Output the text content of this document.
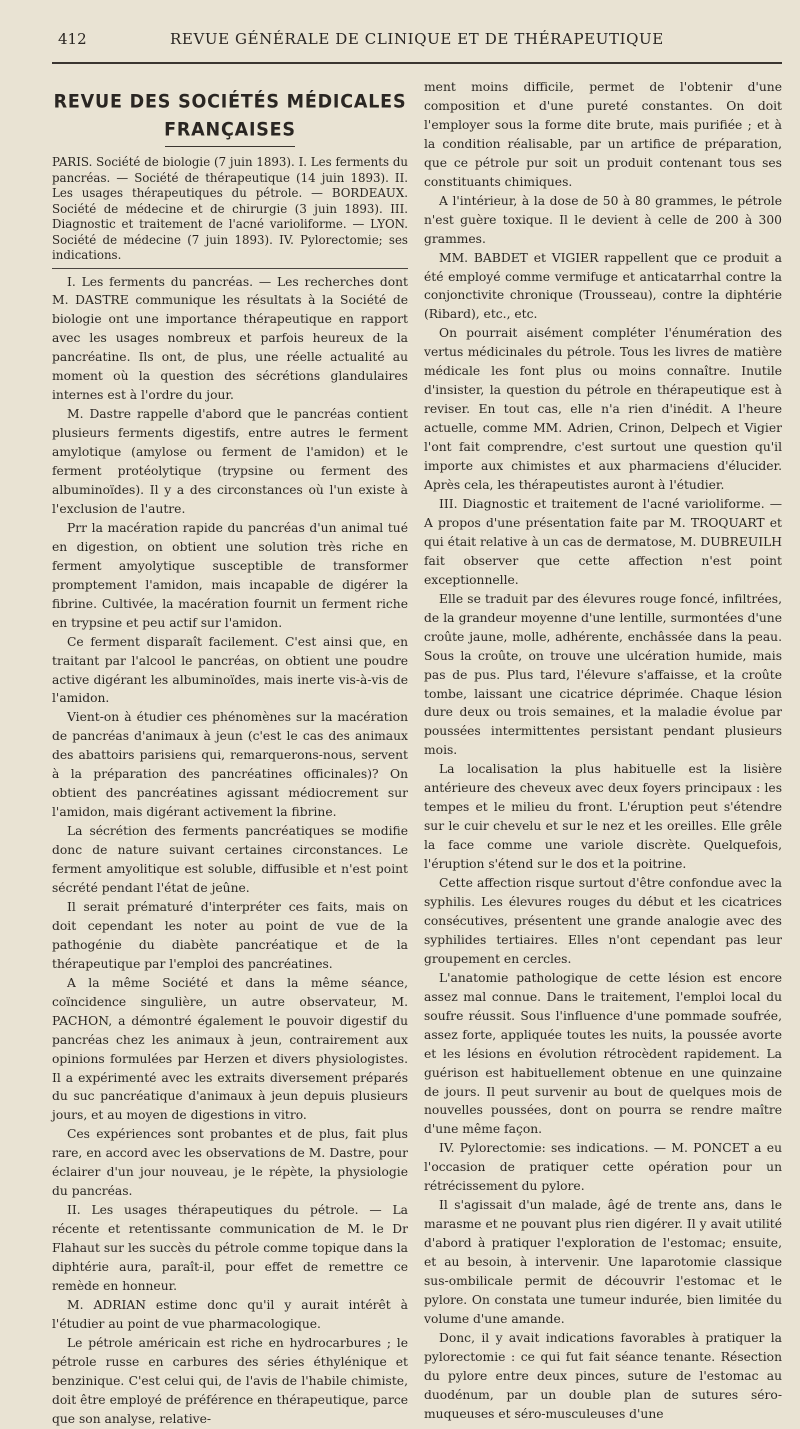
412	REVUE GÉNÉRALE DE CLINIQUE ET DE THÉRAPEUTIQUE
REVUE DES SOCIÉTÉS MÉDICALES FRANÇAISES

PARIS. Société de biologie (7 juin 1893). I. Les ferments du pancréas. — Société de thérapeutique (14 juin 1893). II. Les usages thérapeutiques du pétrole. — BORDEAUX. Société de médecine et de chirurgie (3 juin 1893). III. Diagnostic et traitement de l'acné varioliforme. — LYON. Société de médecine (7 juin 1893). IV. Pylorectomie; ses indications.

I. Les ferments du pancréas. — Les recherches dont M. DASTRE communique les résultats à la Société de biologie ont une importance thérapeutique en rapport avec les usages nombreux et parfois heureux de la pancréatine. Ils ont, de plus, une réelle actualité au moment où la question des sécrétions glandulaires internes est à l'ordre du jour.

M. Dastre rappelle d'abord que le pancréas contient plusieurs ferments digestifs, entre autres le ferment amylotique (amylose ou ferment de l'amidon) et le ferment protéolytique (trypsine ou ferment des albuminoïdes). Il y a des circonstances où l'un existe à l'exclusion de l'autre.

Prr la macération rapide du pancréas d'un animal tué en digestion, on obtient une solution très riche en ferment amyolytique susceptible de transformer promptement l'amidon, mais incapable de digérer la fibrine. Cultivée, la macération fournit un ferment riche en trypsine et peu actif sur l'amidon.

Ce ferment disparaît facilement. C'est ainsi que, en traitant par l'alcool le pancréas, on obtient une poudre active digérant les albuminoïdes, mais inerte vis-à-vis de l'amidon.

Vient-on à étudier ces phénomènes sur la macération de pancréas d'animaux à jeun (c'est le cas des animaux des abattoirs parisiens qui, remarquerons-nous, servent à la préparation des pancréatines officinales)? On obtient des pancréatines agissant médiocrement sur l'amidon, mais digérant activement la fibrine.

La sécrétion des ferments pancréatiques se modifie donc de nature suivant certaines circonstances. Le ferment amyolitique est soluble, diffusible et n'est point sécrété pendant l'état de jeûne.

Il serait prématuré d'interpréter ces faits, mais on doit cependant les noter au point de vue de la pathogénie du diabète pancréatique et de la thérapeutique par l'emploi des pancréatines.

A la même Société et dans la même séance, coïncidence singulière, un autre observateur, M. PACHON, a démontré également le pouvoir digestif du pancréas chez les animaux à jeun, contrairement aux opinions formulées par Herzen et divers physiologistes. Il a expérimenté avec les extraits diversement préparés du suc pancréatique d'animaux à jeun depuis plusieurs jours, et au moyen de digestions in vitro.

Ces expériences sont probantes et de plus, fait plus rare, en accord avec les observations de M. Dastre, pour éclairer d'un jour nouveau, je le répète, la physiologie du pancréas.

II. Les usages thérapeutiques du pétrole. — La récente et retentissante communication de M. le Dr Flahaut sur les succès du pétrole comme topique dans la diphtérie aura, paraît-il, pour effet de remettre ce remède en honneur.

M. ADRIAN estime donc qu'il y aurait intérêt à l'étudier au point de vue pharmacologique.

Le pétrole américain est riche en hydrocarbures ; le pétrole russe en carbures des séries éthylénique et benzinique. C'est celui qui, de l'avis de l'habile chimiste, doit être employé de préférence en thérapeutique, parce que son analyse, relative-

ment moins difficile, permet de l'obtenir d'une composition et d'une pureté constantes. On doit l'employer sous la forme dite brute, mais purifiée ; et à la condition réalisable, par un artifice de préparation, que ce pétrole pur soit un produit contenant tous ses constituants chimiques.

A l'intérieur, à la dose de 50 à 80 grammes, le pétrole n'est guère toxique. Il le devient à celle de 200 à 300 grammes.

MM. BABDET et VIGIER rappellent que ce produit a été employé comme vermifuge et anticatarrhal contre la conjonctivite chronique (Trousseau), contre la diphtérie (Ribard), etc., etc.

On pourrait aisément compléter l'énumération des vertus médicinales du pétrole. Tous les livres de matière médicale les font plus ou moins connaître. Inutile d'insister, la question du pétrole en thérapeutique est à reviser. En tout cas, elle n'a rien d'inédit. A l'heure actuelle, comme MM. Adrien, Crinon, Delpech et Vigier l'ont fait comprendre, c'est surtout une question qu'il importe aux chimistes et aux pharmaciens d'élucider. Après cela, les thérapeutistes auront à l'étudier.

III. Diagnostic et traitement de l'acné varioliforme. — A propos d'une présentation faite par M. TROQUART et qui était relative à un cas de dermatose, M. DUBREUILH fait observer que cette affection n'est point exceptionnelle.

Elle se traduit par des élevures rouge foncé, infiltrées, de la grandeur moyenne d'une lentille, surmontées d'une croûte jaune, molle, adhérente, enchâssée dans la peau. Sous la croûte, on trouve une ulcération humide, mais pas de pus. Plus tard, l'élevure s'affaisse, et la croûte tombe, laissant une cicatrice déprimée. Chaque lésion dure deux ou trois semaines, et la maladie évolue par poussées intermittentes persistant pendant plusieurs mois.

La localisation la plus habituelle est la lisière antérieure des cheveux avec deux foyers principaux : les tempes et le milieu du front. L'éruption peut s'étendre sur le cuir chevelu et sur le nez et les oreilles. Elle grêle la face comme une variole discrète. Quelquefois, l'éruption s'étend sur le dos et la poitrine.

Cette affection risque surtout d'être confondue avec la syphilis. Les élevures rouges du début et les cicatrices consécutives, présentent une grande analogie avec des syphilides tertiaires. Elles n'ont cependant pas leur groupement en cercles.

L'anatomie pathologique de cette lésion est encore assez mal connue. Dans le traitement, l'emploi local du soufre réussit. Sous l'influence d'une pommade soufrée, assez forte, appliquée toutes les nuits, la poussée avorte et les lésions en évolution rétrocèdent rapidement. La guérison est habituellement obtenue en une quinzaine de jours. Il peut survenir au bout de quelques mois de nouvelles poussées, dont on pourra se rendre maître d'une même façon.

IV. Pylorectomie: ses indications. — M. PONCET a eu l'occasion de pratiquer cette opération pour un rétrécissement du pylore.

Il s'agissait d'un malade, âgé de trente ans, dans le marasme et ne pouvant plus rien digérer. Il y avait utilité d'abord à pratiquer l'exploration de l'estomac; ensuite, et au besoin, à intervenir. Une laparotomie classique sus-ombilicale permit de découvrir l'estomac et le pylore. On constata une tumeur indurée, bien limitée du volume d'une amande.

Donc, il y avait indications favorables à pratiquer la pylorectomie : ce qui fut fait séance tenante. Résection du pylore entre deux pinces, suture de l'estomac au duodénum, par un double plan de sutures séro-muqueuses et séro-musculeuses d'une
